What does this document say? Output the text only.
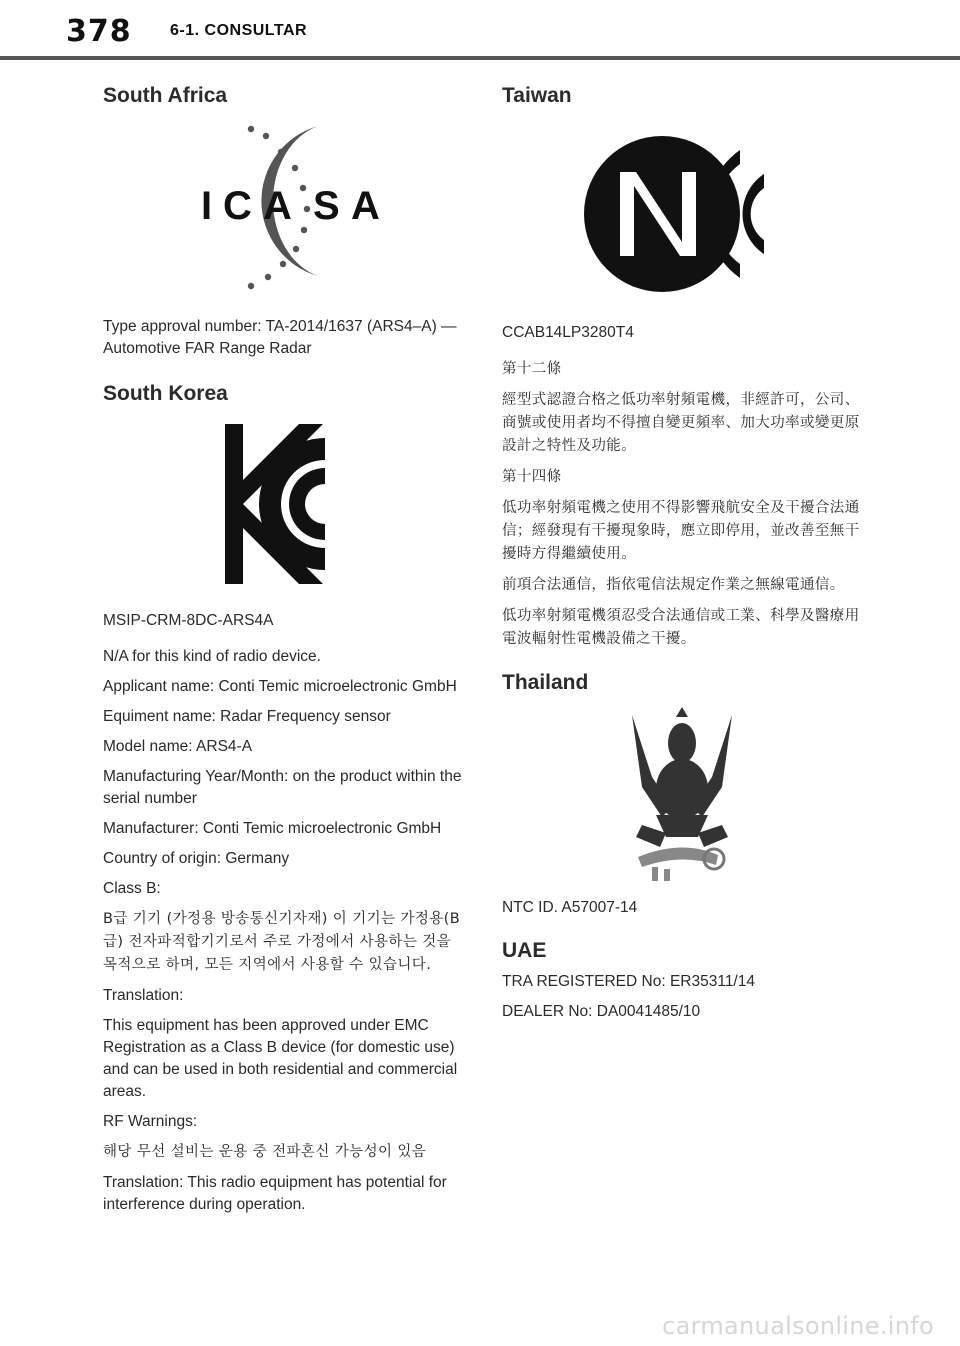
378 6-1. CONSULTAR
South Africa
I C A S A

Type approval number: TA-2014/1637 (ARS4–A) — Automotive FAR Range Radar

South Korea

MSIP-CRM-8DC-ARS4A

N/A for this kind of radio device.

Applicant name: Conti Temic microelectronic GmbH

Equiment name: Radar Frequency sensor

Model name: ARS4-A

Manufacturing Year/Month: on the product within the serial number

Manufacturer: Conti Temic microelectronic GmbH

Country of origin: Germany

Class B:

B급 기기 (가정용 방송통신기자재) 이 기기는 가정용(B급) 전자파적합기기로서 주로 가정에서 사용하는 것을 목적으로 하며, 모든 지역에서 사용할 수 있습니다.

Translation:

This equipment has been approved under EMC Registration as a Class B device (for domestic use) and can be used in both residential and commercial areas.

RF Warnings:

해당 무선 설비는 운용 중 전파혼신 가능성이 있음

Translation: This radio equipment has potential for interference during operation.

Taiwan

CCAB14LP3280T4

第十二條

經型式認證合格之低功率射頻電機，非經許可，公司、商號或使用者均不得擅自變更頻率、加大功率或變更原設計之特性及功能。

第十四條

低功率射頻電機之使用不得影響飛航安全及干擾合法通信；經發現有干擾現象時，應立即停用，並改善至無干擾時方得繼續使用。

前項合法通信，指依電信法規定作業之無線電通信。

低功率射頻電機須忍受合法通信或工業、科學及醫療用電波輻射性電機設備之干擾。

Thailand

NTC ID. A57007-14

UAE

TRA REGISTERED No: ER35311/14

DEALER No: DA0041485/10

carmanualsonline.info
